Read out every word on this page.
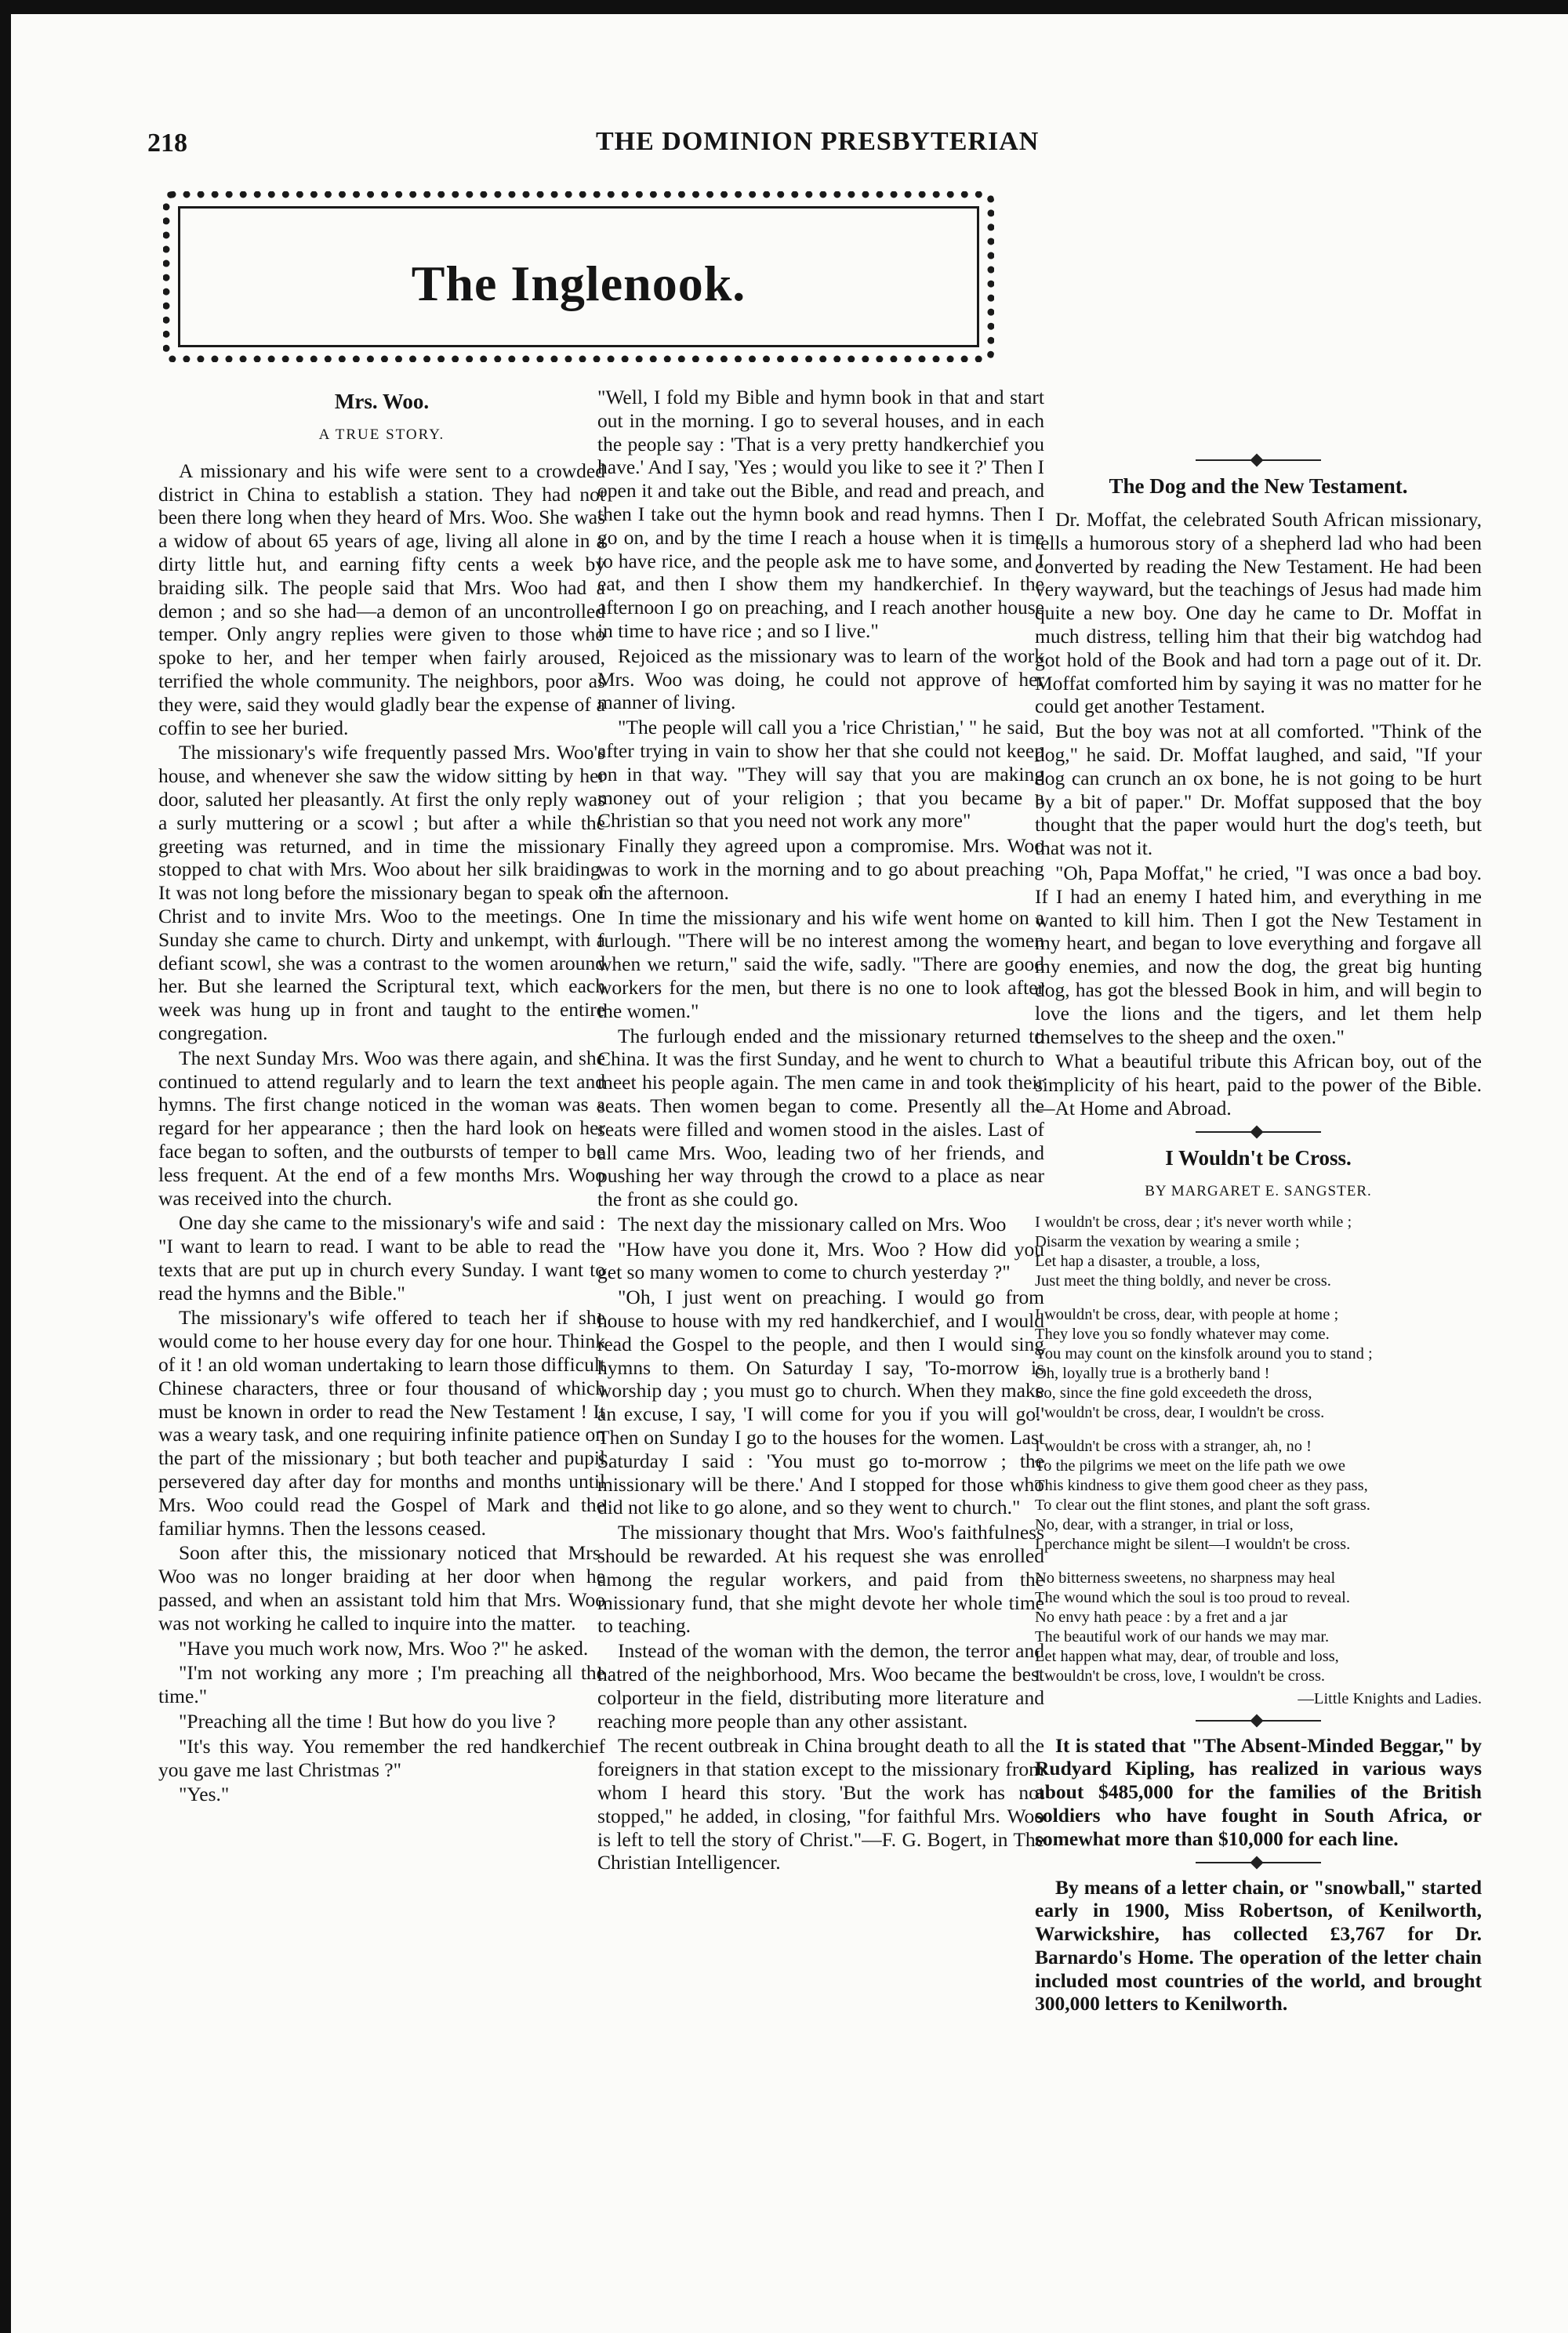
218	THE DOMINION PRESBYTERIAN
The Inglenook.
Mrs. Woo.
A TRUE STORY.

A missionary and his wife were sent to a crowded district in China to establish a station. They had not been there long when they heard of Mrs. Woo. She was a widow of about 65 years of age, living all alone in a dirty little hut, and earning fifty cents a week by braiding silk. The people said that Mrs. Woo had a demon ; and so she had—a demon of an uncontrolled temper. Only angry replies were given to those who spoke to her, and her temper when fairly aroused, terrified the whole community. The neighbors, poor as they were, said they would gladly bear the expense of a coffin to see her buried.

The missionary's wife frequently passed Mrs. Woo's house, and whenever she saw the widow sitting by her door, saluted her pleasantly. At first the only reply was a surly muttering or a scowl ; but after a while the greeting was returned, and in time the missionary stopped to chat with Mrs. Woo about her silk braiding. It was not long before the missionary began to speak of Christ and to invite Mrs. Woo to the meetings. One Sunday she came to church. Dirty and unkempt, with a defiant scowl, she was a contrast to the women around her. But she learned the Scriptural text, which each week was hung up in front and taught to the entire congregation.

The next Sunday Mrs. Woo was there again, and she continued to attend regularly and to learn the text and hymns. The first change noticed in the woman was a regard for her appearance ; then the hard look on her face began to soften, and the outbursts of temper to be less frequent. At the end of a few months Mrs. Woo was received into the church.

One day she came to the missionary's wife and said : "I want to learn to read. I want to be able to read the texts that are put up in church every Sunday. I want to read the hymns and the Bible."

The missionary's wife offered to teach her if she would come to her house every day for one hour. Think of it ! an old woman undertaking to learn those difficult Chinese characters, three or four thousand of which must be known in order to read the New Testament ! It was a weary task, and one requiring infinite patience on the part of the missionary ; but both teacher and pupil persevered day after day for months and months until Mrs. Woo could read the Gospel of Mark and the familiar hymns. Then the lessons ceased.

Soon after this, the missionary noticed that Mrs. Woo was no longer braiding at her door when he passed, and when an assistant told him that Mrs. Woo was not working he called to inquire into the matter.

"Have you much work now, Mrs. Woo ?" he asked.

"I'm not working any more ; I'm preaching all the time."

"Preaching all the time ! But how do you live ?

"It's this way. You remember the red handkerchief you gave me last Christmas ?"

"Yes."

"Well, I fold my Bible and hymn book in that and start out in the morning. I go to several houses, and in each the people say : 'That is a very pretty handkerchief you have.' And I say, 'Yes ; would you like to see it ?' Then I open it and take out the Bible, and read and preach, and then I take out the hymn book and read hymns. Then I go on, and by the time I reach a house when it is time to have rice, and the people ask me to have some, and I eat, and then I show them my handkerchief. In the afternoon I go on preaching, and I reach another house in time to have rice ; and so I live."

Rejoiced as the missionary was to learn of the work Mrs. Woo was doing, he could not approve of her manner of living.

"The people will call you a 'rice Christian,' " he said, after trying in vain to show her that she could not keep on in that way. "They will say that you are making money out of your religion ; that you became a Christian so that you need not work any more"

Finally they agreed upon a compromise. Mrs. Woo was to work in the morning and to go about preaching in the afternoon.

In time the missionary and his wife went home on a furlough. "There will be no interest among the women when we return," said the wife, sadly. "There are good workers for the men, but there is no one to look after the women."

The furlough ended and the missionary returned to China. It was the first Sunday, and he went to church to meet his people again. The men came in and took their seats. Then women began to come. Presently all the seats were filled and women stood in the aisles. Last of all came Mrs. Woo, leading two of her friends, and pushing her way through the crowd to a place as near the front as she could go.

The next day the missionary called on Mrs. Woo

"How have you done it, Mrs. Woo ? How did you get so many women to come to church yesterday ?"

"Oh, I just went on preaching. I would go from house to house with my red handkerchief, and I would read the Gospel to the people, and then I would sing hymns to them. On Saturday I say, 'To-morrow is worship day ; you must go to church. When they make an excuse, I say, 'I will come for you if you will go.' Then on Sunday I go to the houses for the women. Last Saturday I said : 'You must go to-morrow ; the missionary will be there.' And I stopped for those who did not like to go alone, and so they went to church."

The missionary thought that Mrs. Woo's faithfulness should be rewarded. At his request she was enrolled among the regular workers, and paid from the missionary fund, that she might devote her whole time to teaching.

Instead of the woman with the demon, the terror and hatred of the neighborhood, Mrs. Woo became the best colporteur in the field, distributing more literature and reaching more people than any other assistant.

The recent outbreak in China brought death to all the foreigners in that station except to the missionary from whom I heard this story. 'But the work has not stopped," he added, in closing, "for faithful Mrs. Woo is left to tell the story of Christ."—F. G. Bogert, in The Christian Intelligencer.

The Dog and the New Testament.

Dr. Moffat, the celebrated South African missionary, tells a humorous story of a shepherd lad who had been converted by reading the New Testament. He had been very wayward, but the teachings of Jesus had made him quite a new boy. One day he came to Dr. Moffat in much distress, telling him that their big watchdog had got hold of the Book and had torn a page out of it. Dr. Moffat comforted him by saying it was no matter for he could get another Testament.

But the boy was not at all comforted. "Think of the dog," he said. Dr. Moffat laughed, and said, "If your dog can crunch an ox bone, he is not going to be hurt by a bit of paper." Dr. Moffat supposed that the boy thought that the paper would hurt the dog's teeth, but that was not it.

"Oh, Papa Moffat," he cried, "I was once a bad boy. If I had an enemy I hated him, and everything in me wanted to kill him. Then I got the New Testament in my heart, and began to love everything and forgave all my enemies, and now the dog, the great big hunting dog, has got the blessed Book in him, and will begin to love the lions and the tigers, and let them help themselves to the sheep and the oxen."

What a beautiful tribute this African boy, out of the simplicity of his heart, paid to the power of the Bible.—At Home and Abroad.

I Wouldn't be Cross.
BY MARGARET E. SANGSTER.
I wouldn't be cross, dear ; it's never worth while ;
Disarm the vexation by wearing a smile ;
Let hap a disaster, a trouble, a loss,
Just meet the thing boldly, and never be cross.
I wouldn't be cross, dear, with people at home ;
They love you so fondly whatever may come.
You may count on the kinsfolk around you to stand ;
Oh, loyally true is a brotherly band !
So, since the fine gold exceedeth the dross,
I wouldn't be cross, dear, I wouldn't be cross.
I wouldn't be cross with a stranger, ah, no !
To the pilgrims we meet on the life path we owe
This kindness to give them good cheer as they pass,
To clear out the flint stones, and plant the soft grass.
No, dear, with a stranger, in trial or loss,
I perchance might be silent—I wouldn't be cross.
No bitterness sweetens, no sharpness may heal
The wound which the soul is too proud to reveal.
No envy hath peace : by a fret and a jar
The beautiful work of our hands we may mar.
Let happen what may, dear, of trouble and loss,
I wouldn't be cross, love, I wouldn't be cross.
—Little Knights and Ladies.

It is stated that "The Absent-Minded Beggar," by Rudyard Kipling, has realized in various ways about $485,000 for the families of the British soldiers who have fought in South Africa, or somewhat more than $10,000 for each line.

By means of a letter chain, or "snowball," started early in 1900, Miss Robertson, of Kenilworth, Warwickshire, has collected £3,767 for Dr. Barnardo's Home. The operation of the letter chain included most countries of the world, and brought 300,000 letters to Kenilworth.
